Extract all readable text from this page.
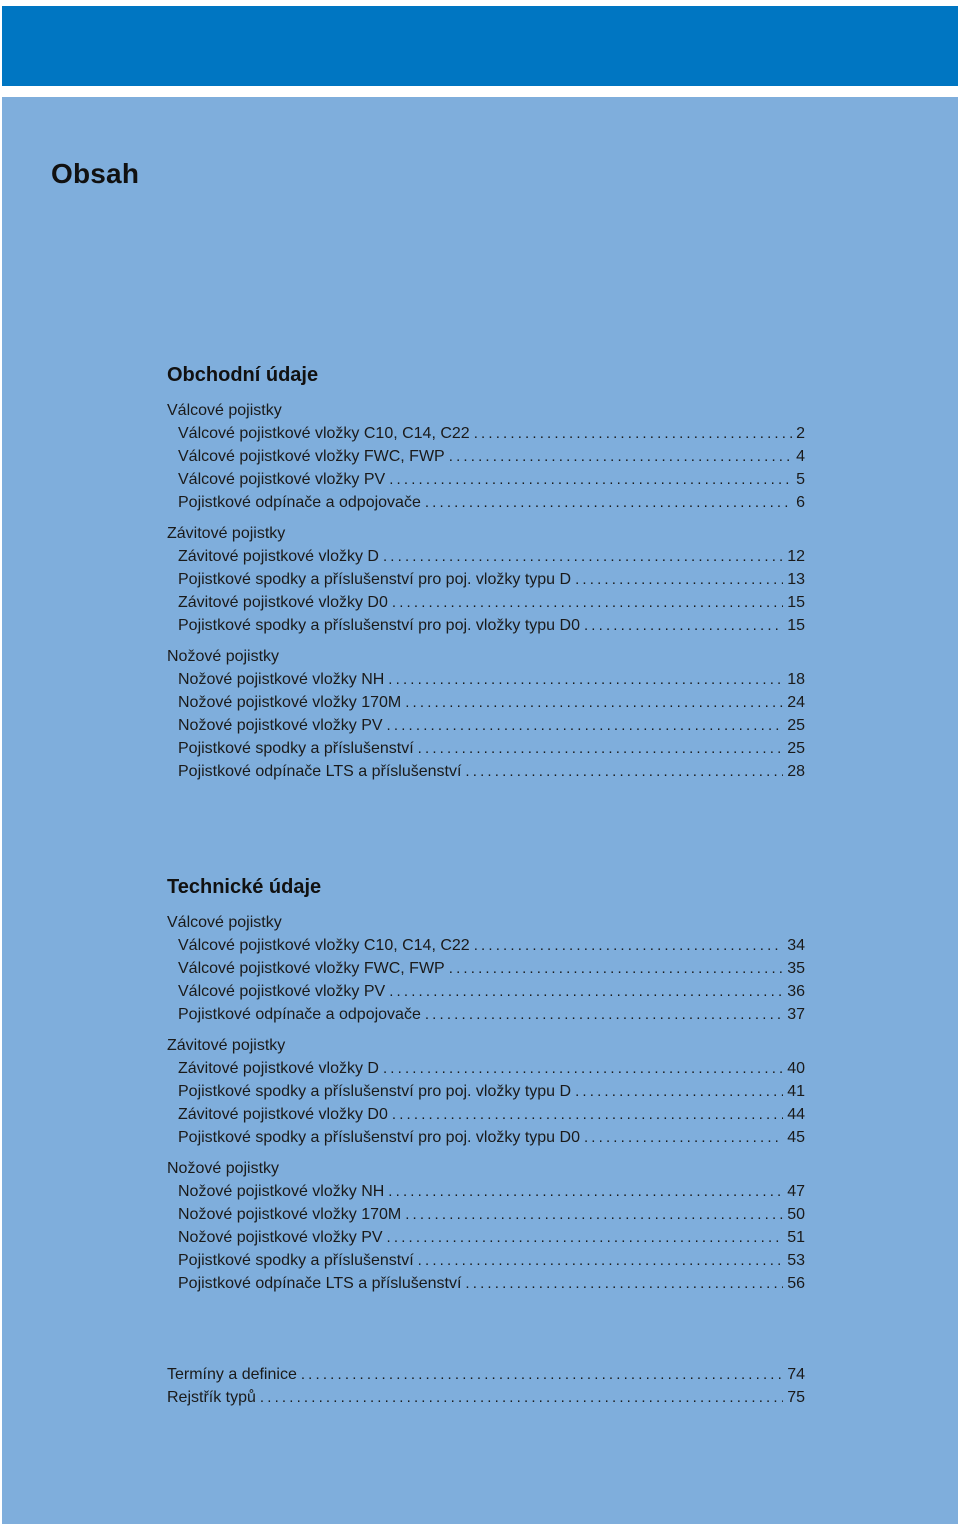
Obsah
Obchodní údaje
Válcové pojistky
Válcové pojistkové vložky C10, C14, C22 . . .	2
Válcové pojistkové vložky FWC, FWP . . .	4
Válcové pojistkové vložky PV . . .	5
Pojistkové odpínače a odpojovače . . .	6
Závitové pojistky
Závitové pojistkové vložky D . . .	12
Pojistkové spodky a příslušenství pro poj. vložky typu D . . .	13
Závitové pojistkové vložky D0 . . .	15
Pojistkové spodky a příslušenství pro poj. vložky typu D0 . . .	15
Nožové pojistky
Nožové pojistkové vložky NH . . .	18
Nožové pojistkové vložky 170M . . .	24
Nožové pojistkové vložky PV . . .	25
Pojistkové spodky a příslušenství . . .	25
Pojistkové odpínače LTS a příslušenství . . .	28
Technické údaje
Válcové pojistky
Válcové pojistkové vložky C10, C14, C22 . . .	34
Válcové pojistkové vložky FWC, FWP . . .	35
Válcové pojistkové vložky PV . . .	36
Pojistkové odpínače a odpojovače . . .	37
Závitové pojistky
Závitové pojistkové vložky D . . .	40
Pojistkové spodky a příslušenství pro poj. vložky typu D . . .	41
Závitové pojistkové vložky D0 . . .	44
Pojistkové spodky a příslušenství pro poj. vložky typu D0 . . .	45
Nožové pojistky
Nožové pojistkové vložky NH . . .	47
Nožové pojistkové vložky 170M . . .	50
Nožové pojistkové vložky PV . . .	51
Pojistkové spodky a příslušenství . . .	53
Pojistkové odpínače LTS a příslušenství . . .	56
Termíny a definice . . .	74
Rejstřík typů . . .	75
